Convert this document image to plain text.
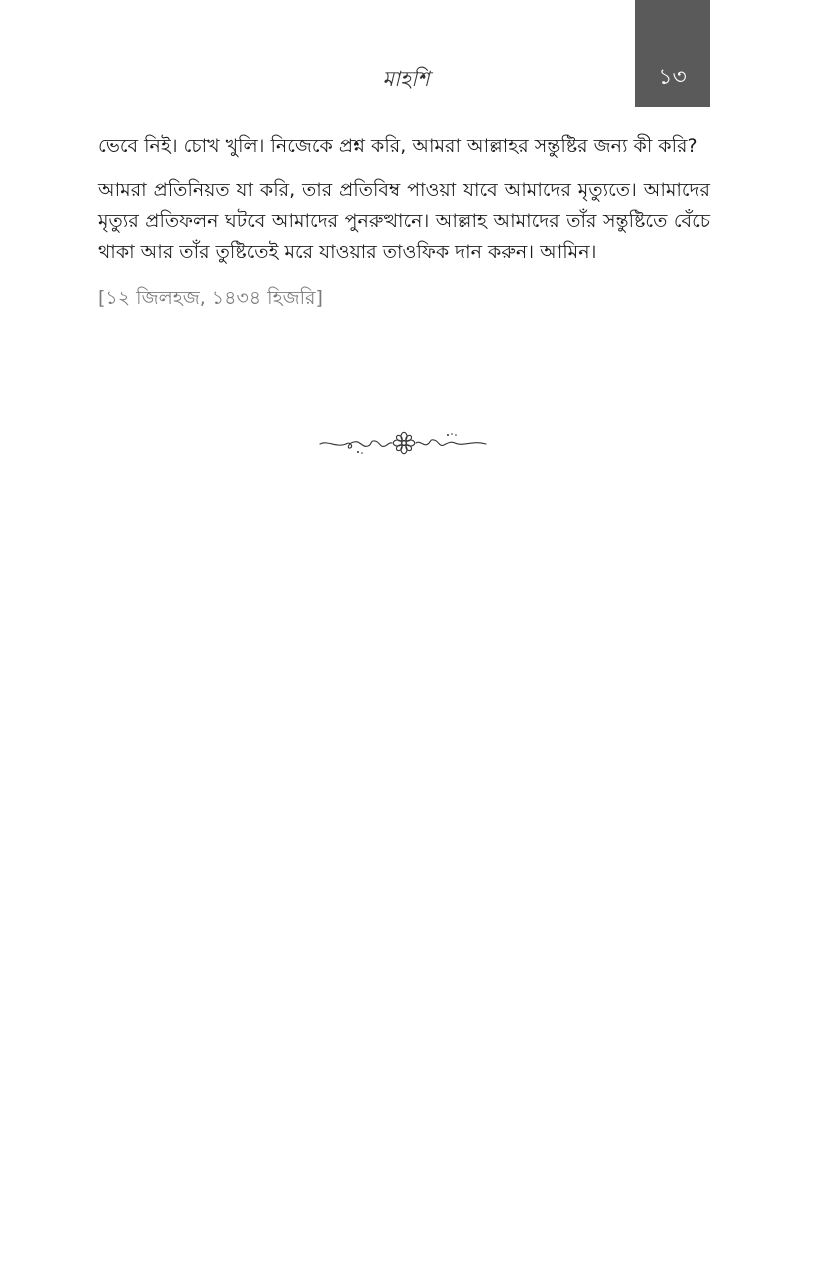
১৩
মাহশি

ভেবে নিই। চোখ খুলি। নিজেকে প্রশ্ন করি, আমরা আল্লাহর সন্তুষ্টির জন্য কী করি?

আমরা প্রতিনিয়ত যা করি, তার প্রতিবিম্ব পাওয়া যাবে আমাদের মৃত্যুতে। আমাদের মৃত্যুর প্রতিফলন ঘটবে আমাদের পুনরুত্থানে। আল্লাহ আমাদের তাঁর সন্তুষ্টিতে বেঁচে থাকা আর তাঁর তুষ্টিতেই মরে যাওয়ার তাওফিক দান করুন। আমিন।

[১২ জিলহজ, ১৪৩৪ হিজরি]
